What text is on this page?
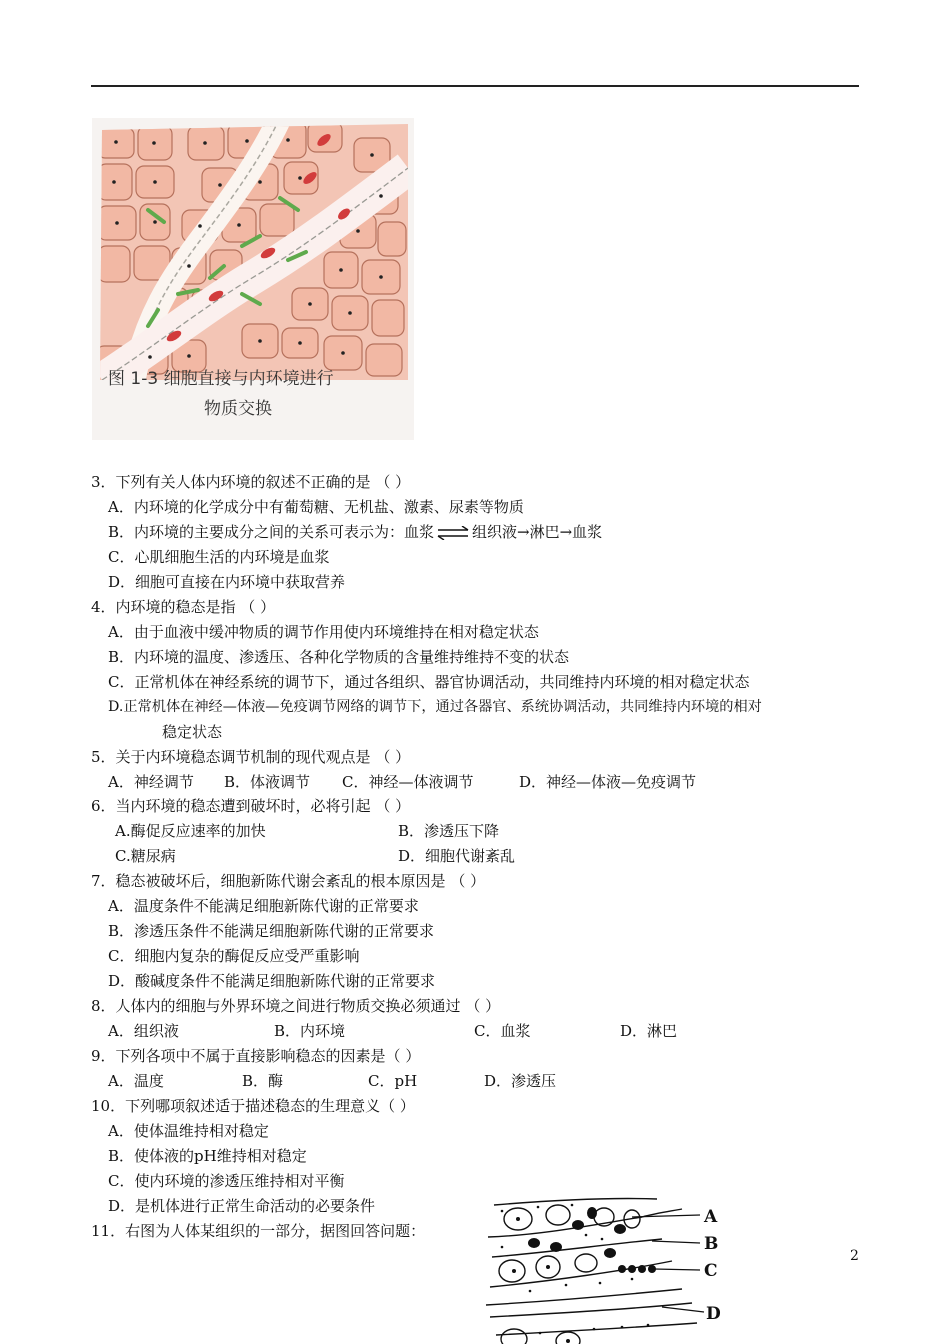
图 1-3 细胞直接与内环境进行
物质交换
3．下列有关人体内环境的叙述不正确的是 （ ）
A．内环境的化学成分中有葡萄糖、无机盐、激素、尿素等物质
B．内环境的主要成分之间的关系可表示为：血浆 ⇌ 组织液→淋巴→血浆
C．心肌细胞生活的内环境是血浆
D．细胞可直接在内环境中获取营养
4．内环境的稳态是指 （ ）
A．由于血液中缓冲物质的调节作用使内环境维持在相对稳定状态
B．内环境的温度、渗透压、各种化学物质的含量维持维持不变的状态
C．正常机体在神经系统的调节下，通过各组织、器官协调活动，共同维持内环境的相对稳定状态
D.正常机体在神经—体液—免疫调节网络的调节下，通过各器官、系统协调活动，共同维持内环境的相对
稳定状态
5．关于内环境稳态调节机制的现代观点是 （ ）
A．神经调节 B．体液调节 C．神经—体液调节	D．神经—体液—免疫调节
6．当内环境的稳态遭到破坏时，必将引起 （ ）
A.酶促反应速率的加快	B．渗透压下降
C.糖尿病	D．细胞代谢紊乱
7．稳态被破坏后，细胞新陈代谢会紊乱的根本原因是 （ ）
A．温度条件不能满足细胞新陈代谢的正常要求
B．渗透压条件不能满足细胞新陈代谢的正常要求
C．细胞内复杂的酶促反应受严重影响
D．酸碱度条件不能满足细胞新陈代谢的正常要求
8．人体内的细胞与外界环境之间进行物质交换必须通过 （ ）
A．组织液	B．内环境	C．血浆	D．淋巴
9．下列各项中不属于直接影响稳态的因素是（ ）
A．温度	B．酶	C．pH	D．渗透压
10．下列哪项叙述适于描述稳态的生理意义（ ）
A．使体温维持相对稳定
B．使体液的pH维持相对稳定
C．使内环境的渗透压维持相对平衡
D．是机体进行正常生命活动的必要条件
11．右图为人体某组织的一部分，据图回答问题：
A
B
C
D
2
